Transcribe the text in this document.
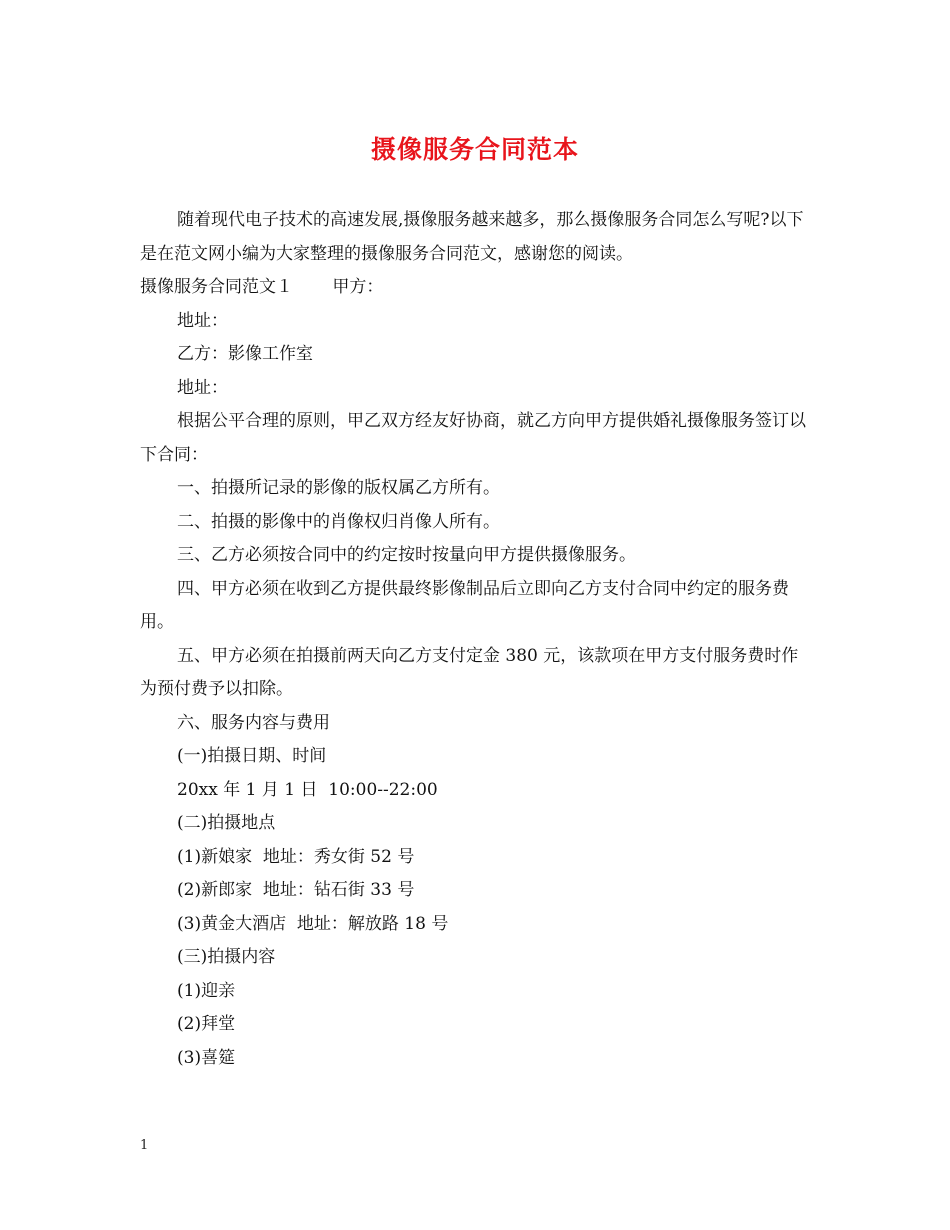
摄像服务合同范本

随着现代电子技术的高速发展,摄像服务越来越多，那么摄像服务合同怎么写呢?以下是在范文网小编为大家整理的摄像服务合同范文，感谢您的阅读。

摄像服务合同范文１　　 甲方：

地址：
乙方：影像工作室
地址：

根据公平合理的原则，甲乙双方经友好协商，就乙方向甲方提供婚礼摄像服务签订以下合同：

一、拍摄所记录的影像的版权属乙方所有。
二、拍摄的影像中的肖像权归肖像人所有。
三、乙方必须按合同中的约定按时按量向甲方提供摄像服务。

四、甲方必须在收到乙方提供最终影像制品后立即向乙方支付合同中约定的服务费用。

五、甲方必须在拍摄前两天向乙方支付定金 380 元，该款项在甲方支付服务费时作为预付费予以扣除。

六、服务内容与费用
(一)拍摄日期、时间
20xx 年 1 月 1 日  10:00--22:00
(二)拍摄地点
(1)新娘家  地址：秀女街 52 号
(2)新郎家  地址：钻石街 33 号
(3)黄金大酒店  地址：解放路 18 号
(三)拍摄内容
(1)迎亲
(2)拜堂
(3)喜筵
1
